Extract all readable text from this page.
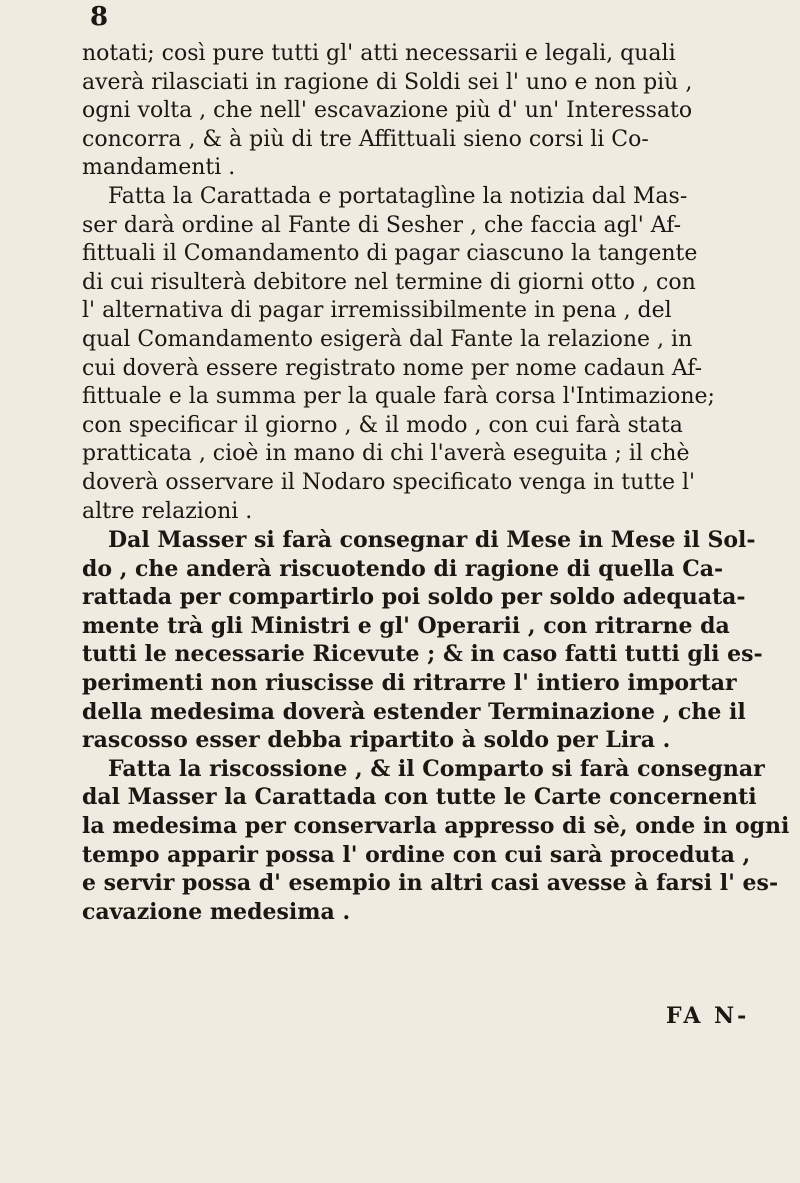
8
notati; così pure tutti gl' atti necessarii e legali, quali
averà rilasciati in ragione di Soldi sei l' uno e non più ,
ogni volta , che nell' escavazione più d' un' Interessato
concorra , & à più di tre Affittuali sieno corsi li Co-
mandamenti .
Fatta la Carattada e portataglìne la notizia dal Mas-
ser darà ordine al Fante di Sesher , che faccia agl' Af-
fittuali il Comandamento di pagar ciascuno la tangente
di cui risulterà debitore nel termine di giorni otto , con
l' alternativa di pagar irremissibilmente in pena , del
qual Comandamento esigerà dal Fante la relazione , in
cui doverà essere registrato nome per nome cadaun Af-
fittuale e la summa per la quale farà corsa l'Intimazione;
con specificar il giorno , & il modo , con cui farà stata
pratticata , cioè in mano di chi l'averà eseguita ; il chè
doverà osservare il Nodaro specificato venga in tutte l'
altre relazioni .
Dal Masser si farà consegnar di Mese in Mese il Sol-
do , che anderà riscuotendo di ragione di quella Ca-
rattada per compartirlo poi soldo per soldo adequata-
mente trà gli Ministri e gl' Operarii , con ritrarne da
tutti le necessarie Ricevute ; & in caso fatti tutti gli es-
perimenti non riuscisse di ritrarre l' intiero importar
della medesima doverà estender Terminazione , che il
rascosso esser debba ripartito à soldo per Lira .
Fatta la riscossione , & il Comparto si farà consegnar
dal Masser la Carattada con tutte le Carte concernenti
la medesima per conservarla appresso di sè, onde in ogni
tempo apparir possa l' ordine con cui sarà proceduta ,
e servir possa d' esempio in altri casi avesse à farsi l' es-
cavazione medesima .
FA N-
